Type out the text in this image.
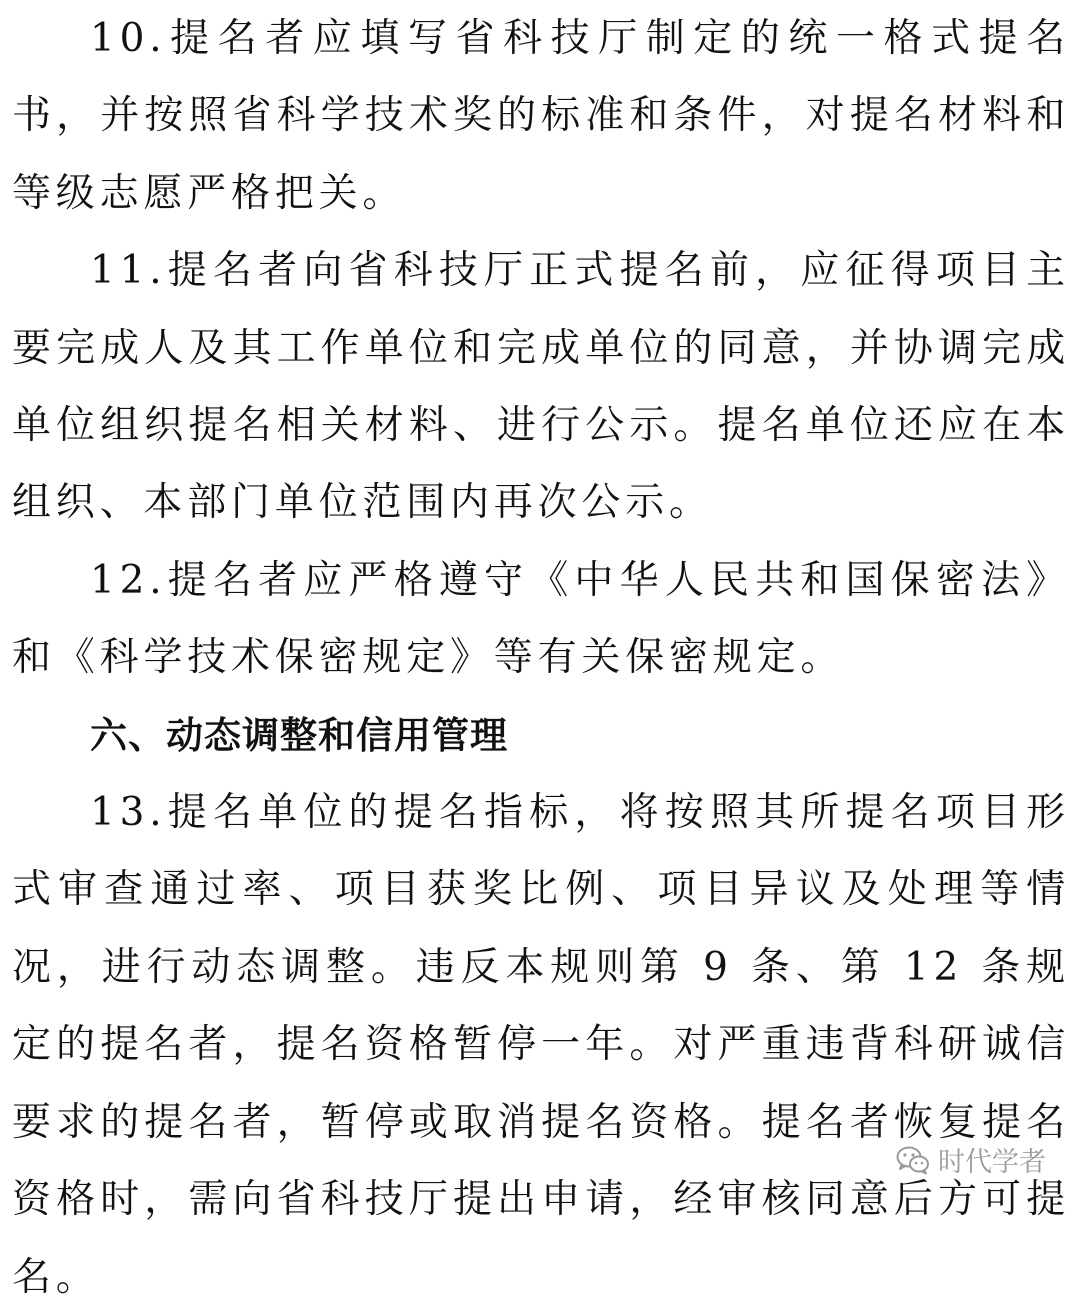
10.提名者应填写省科技厅制定的统一格式提名书，并按照省科学技术奖的标准和条件，对提名材料和等级志愿严格把关。

11.提名者向省科技厅正式提名前，应征得项目主要完成人及其工作单位和完成单位的同意，并协调完成单位组织提名相关材料、进行公示。提名单位还应在本组织、本部门单位范围内再次公示。

12.提名者应严格遵守《中华人民共和国保密法》和《科学技术保密规定》等有关保密规定。

六、动态调整和信用管理

13.提名单位的提名指标，将按照其所提名项目形式审查通过率、项目获奖比例、项目异议及处理等情况，进行动态调整。违反本规则第 9 条、第 12 条规定的提名者，提名资格暂停一年。对严重违背科研诚信要求的提名者，暂停或取消提名资格。提名者恢复提名资格时，需向省科技厅提出申请，经审核同意后方可提名。

时代学者
